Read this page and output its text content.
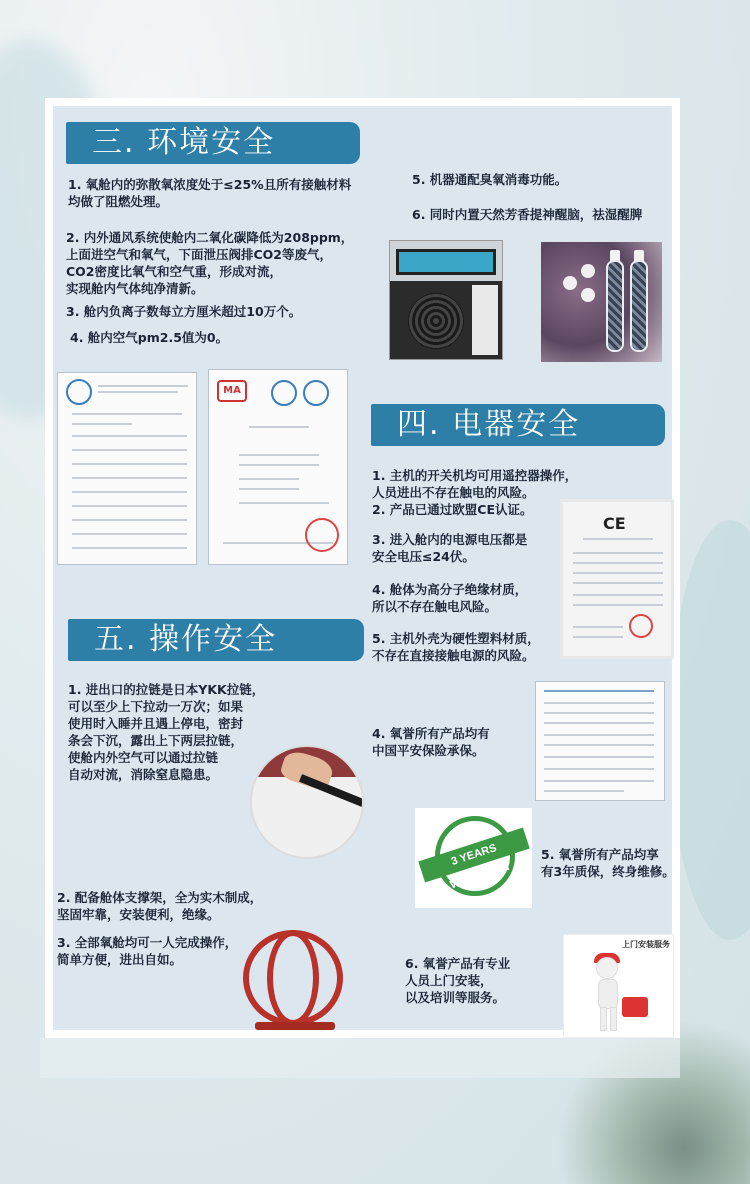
三. 环境安全
1. 氧舱内的弥散氧浓度处于≤25%且所有接触材料
均做了阻燃处理。
2. 内外通风系统使舱内二氧化碳降低为208ppm，
上面进空气和氧气，下面泄压阀排CO2等废气，
CO2密度比氧气和空气重，形成对流，
实现舱内气体纯净清新。
3. 舱内负离子数每立方厘米超过10万个。
4. 舱内空气pm2.5值为0。
5. 机器通配臭氧消毒功能。
6. 同时内置天然芳香提神醒脑，祛湿醒脾
MA
四. 电器安全
1. 主机的开关机均可用遥控器操作，
人员进出不存在触电的风险。
2. 产品已通过欧盟CE认证。
3. 进入舱内的电源电压都是
安全电压≤24伏。
4. 舱体为高分子绝缘材质，
所以不存在触电风险。
5. 主机外壳为硬性塑料材质，
不存在直接接触电源的风险。
CE
五. 操作安全
1. 进出口的拉链是日本YKK拉链，
可以至少上下拉动一万次；如果
使用时入睡并且遇上停电，密封
条会下沉，露出上下两层拉链，
使舱内外空气可以通过拉链
自动对流，消除窒息隐患。
4. 氧誉所有产品均有
中国平安保险承保。
3 YEARS WARRANTY
5. 氧誉所有产品均享
有3年质保，终身维修。
2. 配备舱体支撑架，全为实木制成，
坚固牢靠，安装便利，绝缘。
3. 全部氧舱均可一人完成操作，
简单方便，进出自如。	6. 氧誉产品有专业
人员上门安装，
以及培训等服务。
上门安装服务
